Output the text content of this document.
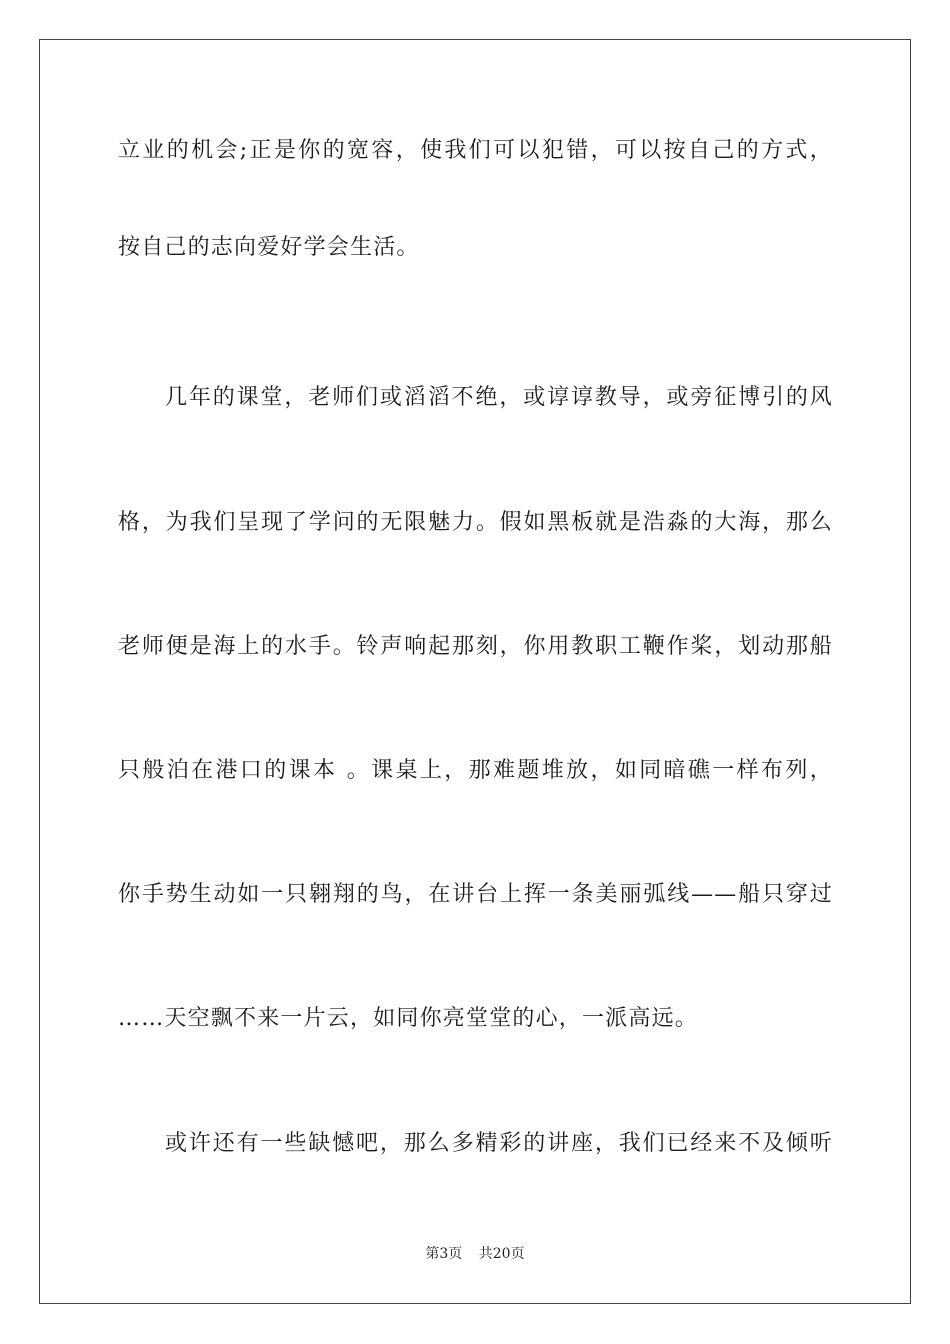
立业的机会;正是你的宽容，使我们可以犯错，可以按自己的方式，
按自己的志向爱好学会生活。
几年的课堂，老师们或滔滔不绝，或谆谆教导，或旁征博引的风
格，为我们呈现了学问的无限魅力。假如黑板就是浩淼的大海，那么
老师便是海上的水手。铃声响起那刻，你用教职工鞭作桨，划动那船
只般泊在港口的课本 。课桌上，那难题堆放，如同暗礁一样布列，
你手势生动如一只翱翔的鸟，在讲台上挥一条美丽弧线——船只穿过
……天空飘不来一片云，如同你亮堂堂的心，一派高远。
或许还有一些缺憾吧，那么多精彩的讲座，我们已经来不及倾听
第3页 共20页
